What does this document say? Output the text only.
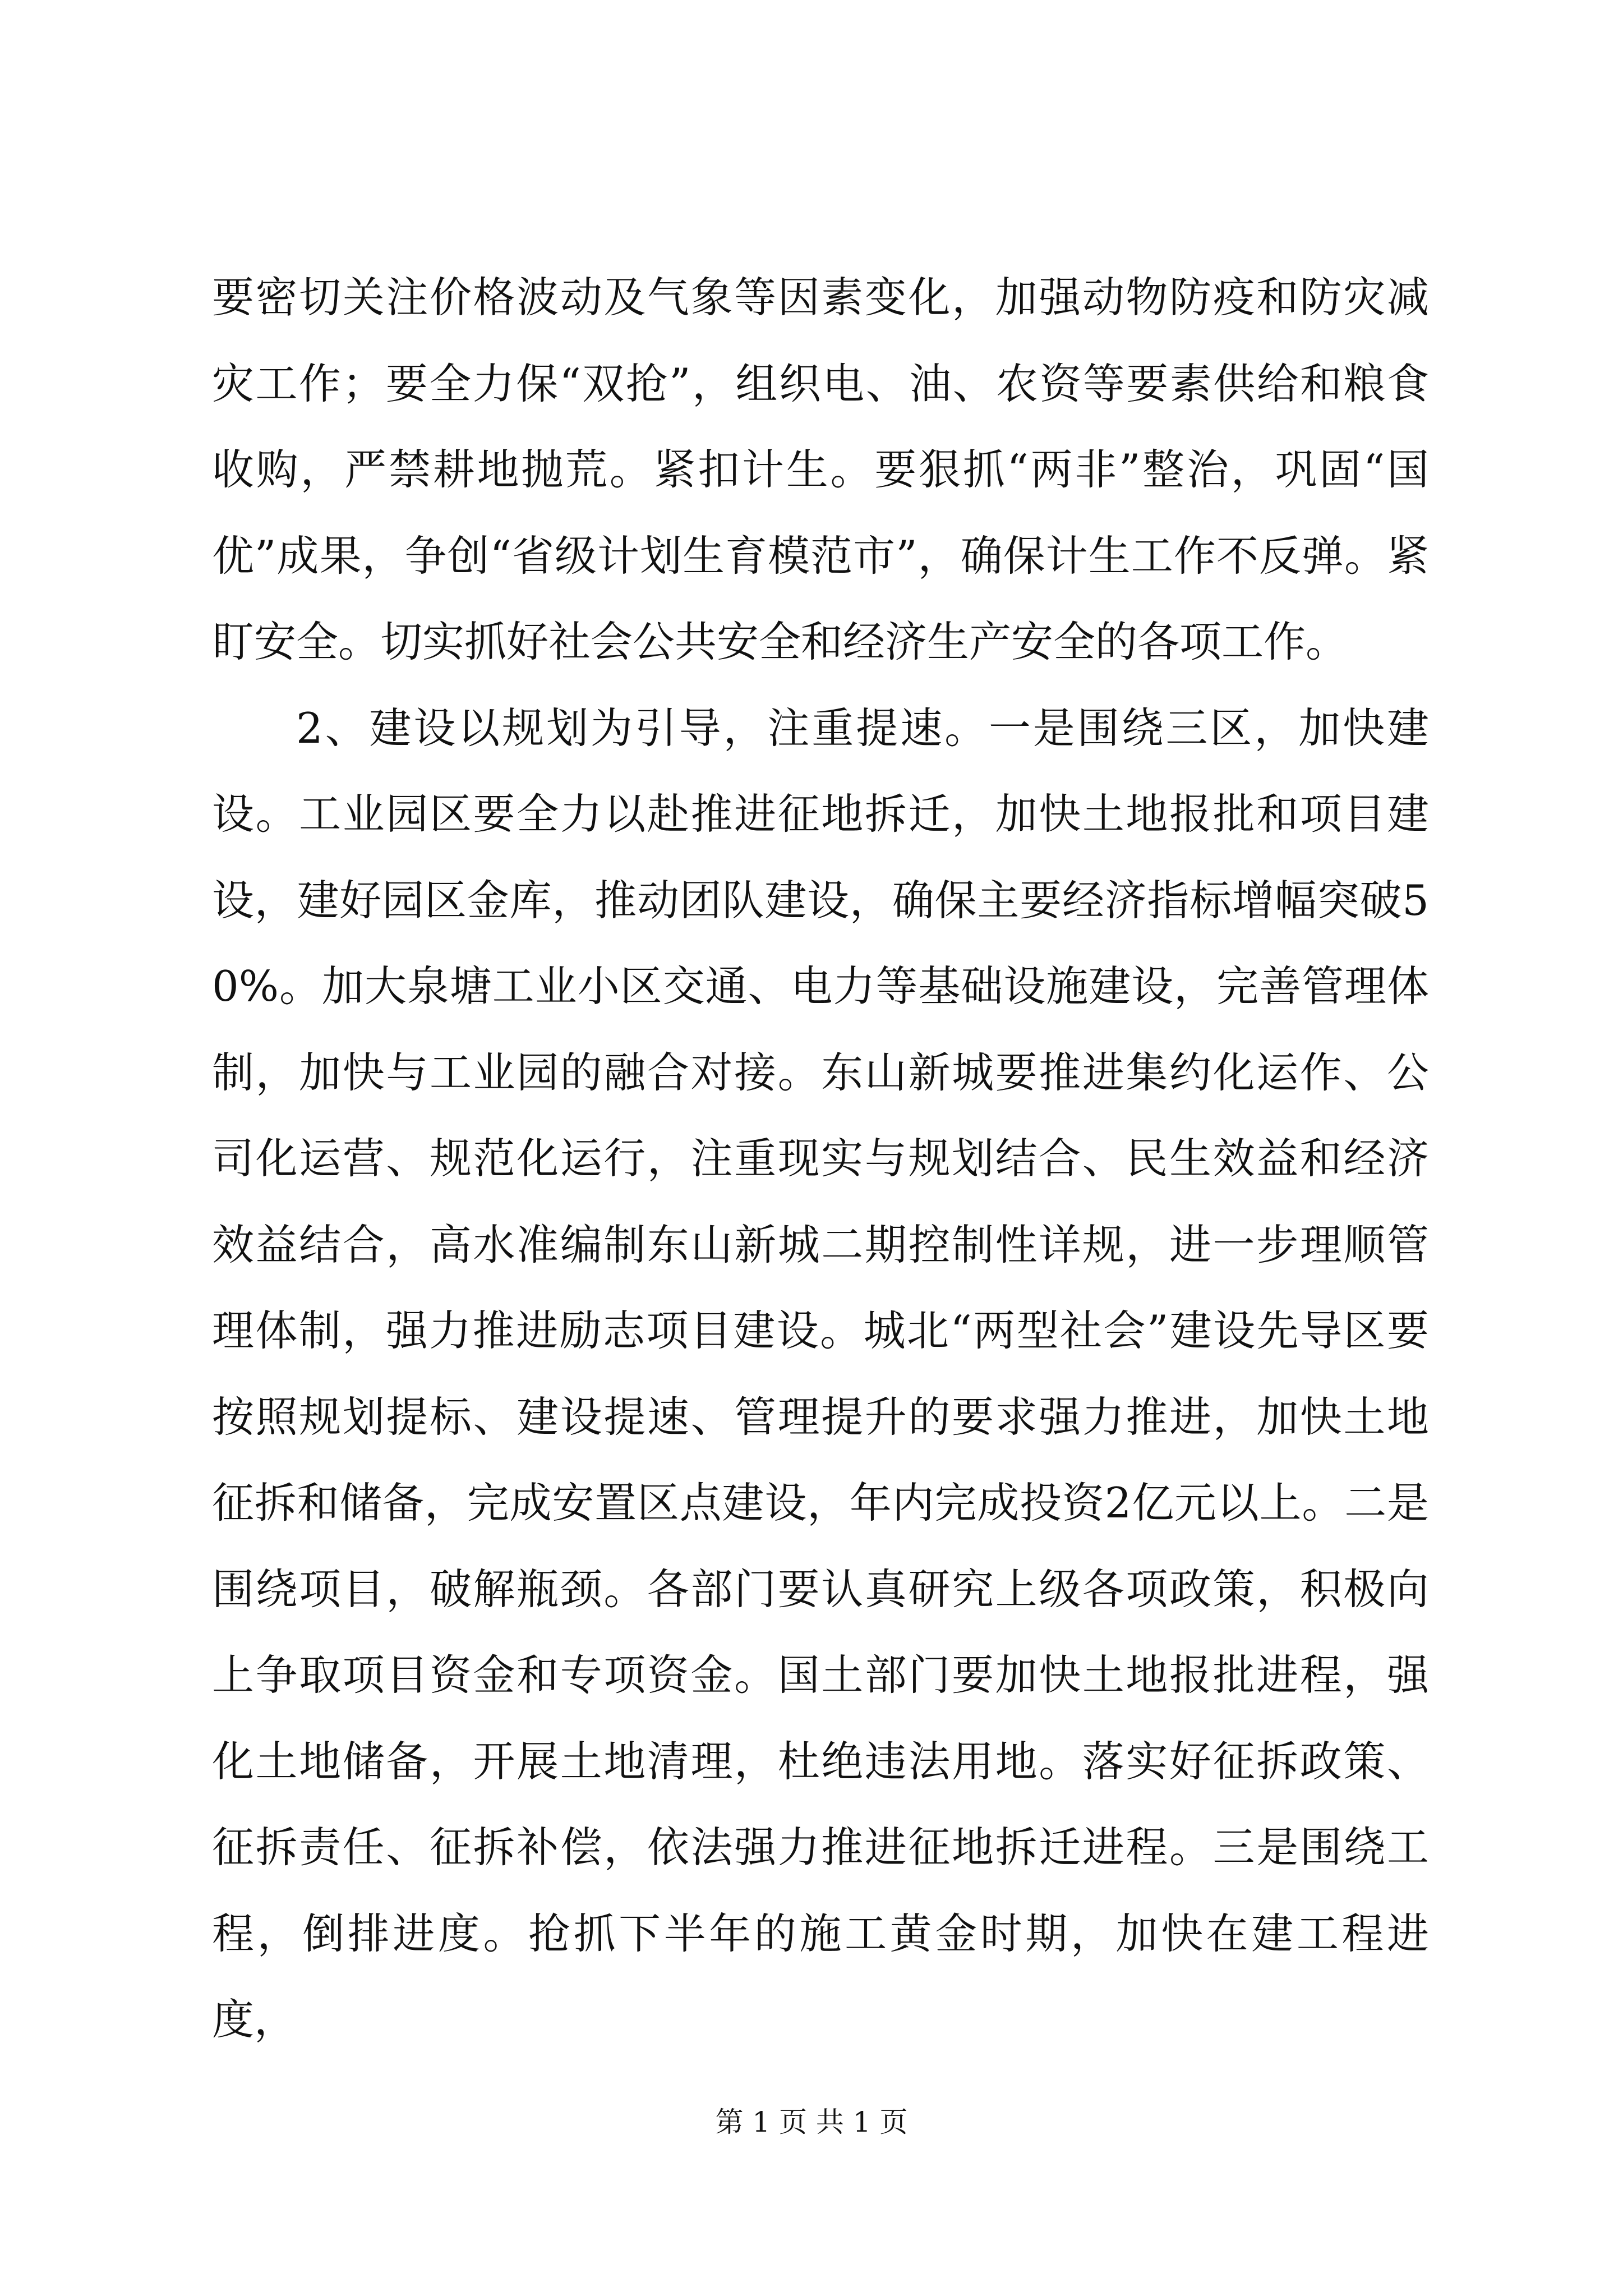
要密切关注价格波动及气象等因素变化，加强动物防疫和防灾减灾工作；要全力保“双抢”，组织电、油、农资等要素供给和粮食收购，严禁耕地抛荒。紧扣计生。要狠抓“两非”整治，巩固“国优”成果，争创“省级计划生育模范市”，确保计生工作不反弹。紧盯安全。切实抓好社会公共安全和经济生产安全的各项工作。

2、建设以规划为引导，注重提速。一是围绕三区，加快建设。工业园区要全力以赴推进征地拆迁，加快土地报批和项目建设，建好园区金库，推动团队建设，确保主要经济指标增幅突破50%。加大泉塘工业小区交通、电力等基础设施建设，完善管理体制，加快与工业园的融合对接。东山新城要推进集约化运作、公司化运营、规范化运行，注重现实与规划结合、民生效益和经济效益结合，高水准编制东山新城二期控制性详规，进一步理顺管理体制，强力推进励志项目建设。城北“两型社会”建设先导区要按照规划提标、建设提速、管理提升的要求强力推进，加快土地征拆和储备，完成安置区点建设，年内完成投资2亿元以上。二是围绕项目，破解瓶颈。各部门要认真研究上级各项政策，积极向上争取项目资金和专项资金。国土部门要加快土地报批进程，强化土地储备，开展土地清理，杜绝违法用地。落实好征拆政策、征拆责任、征拆补偿，依法强力推进征地拆迁进程。三是围绕工程，倒排进度。抢抓下半年的施工黄金时期，加快在建工程进度，

第 1 页 共 1 页
